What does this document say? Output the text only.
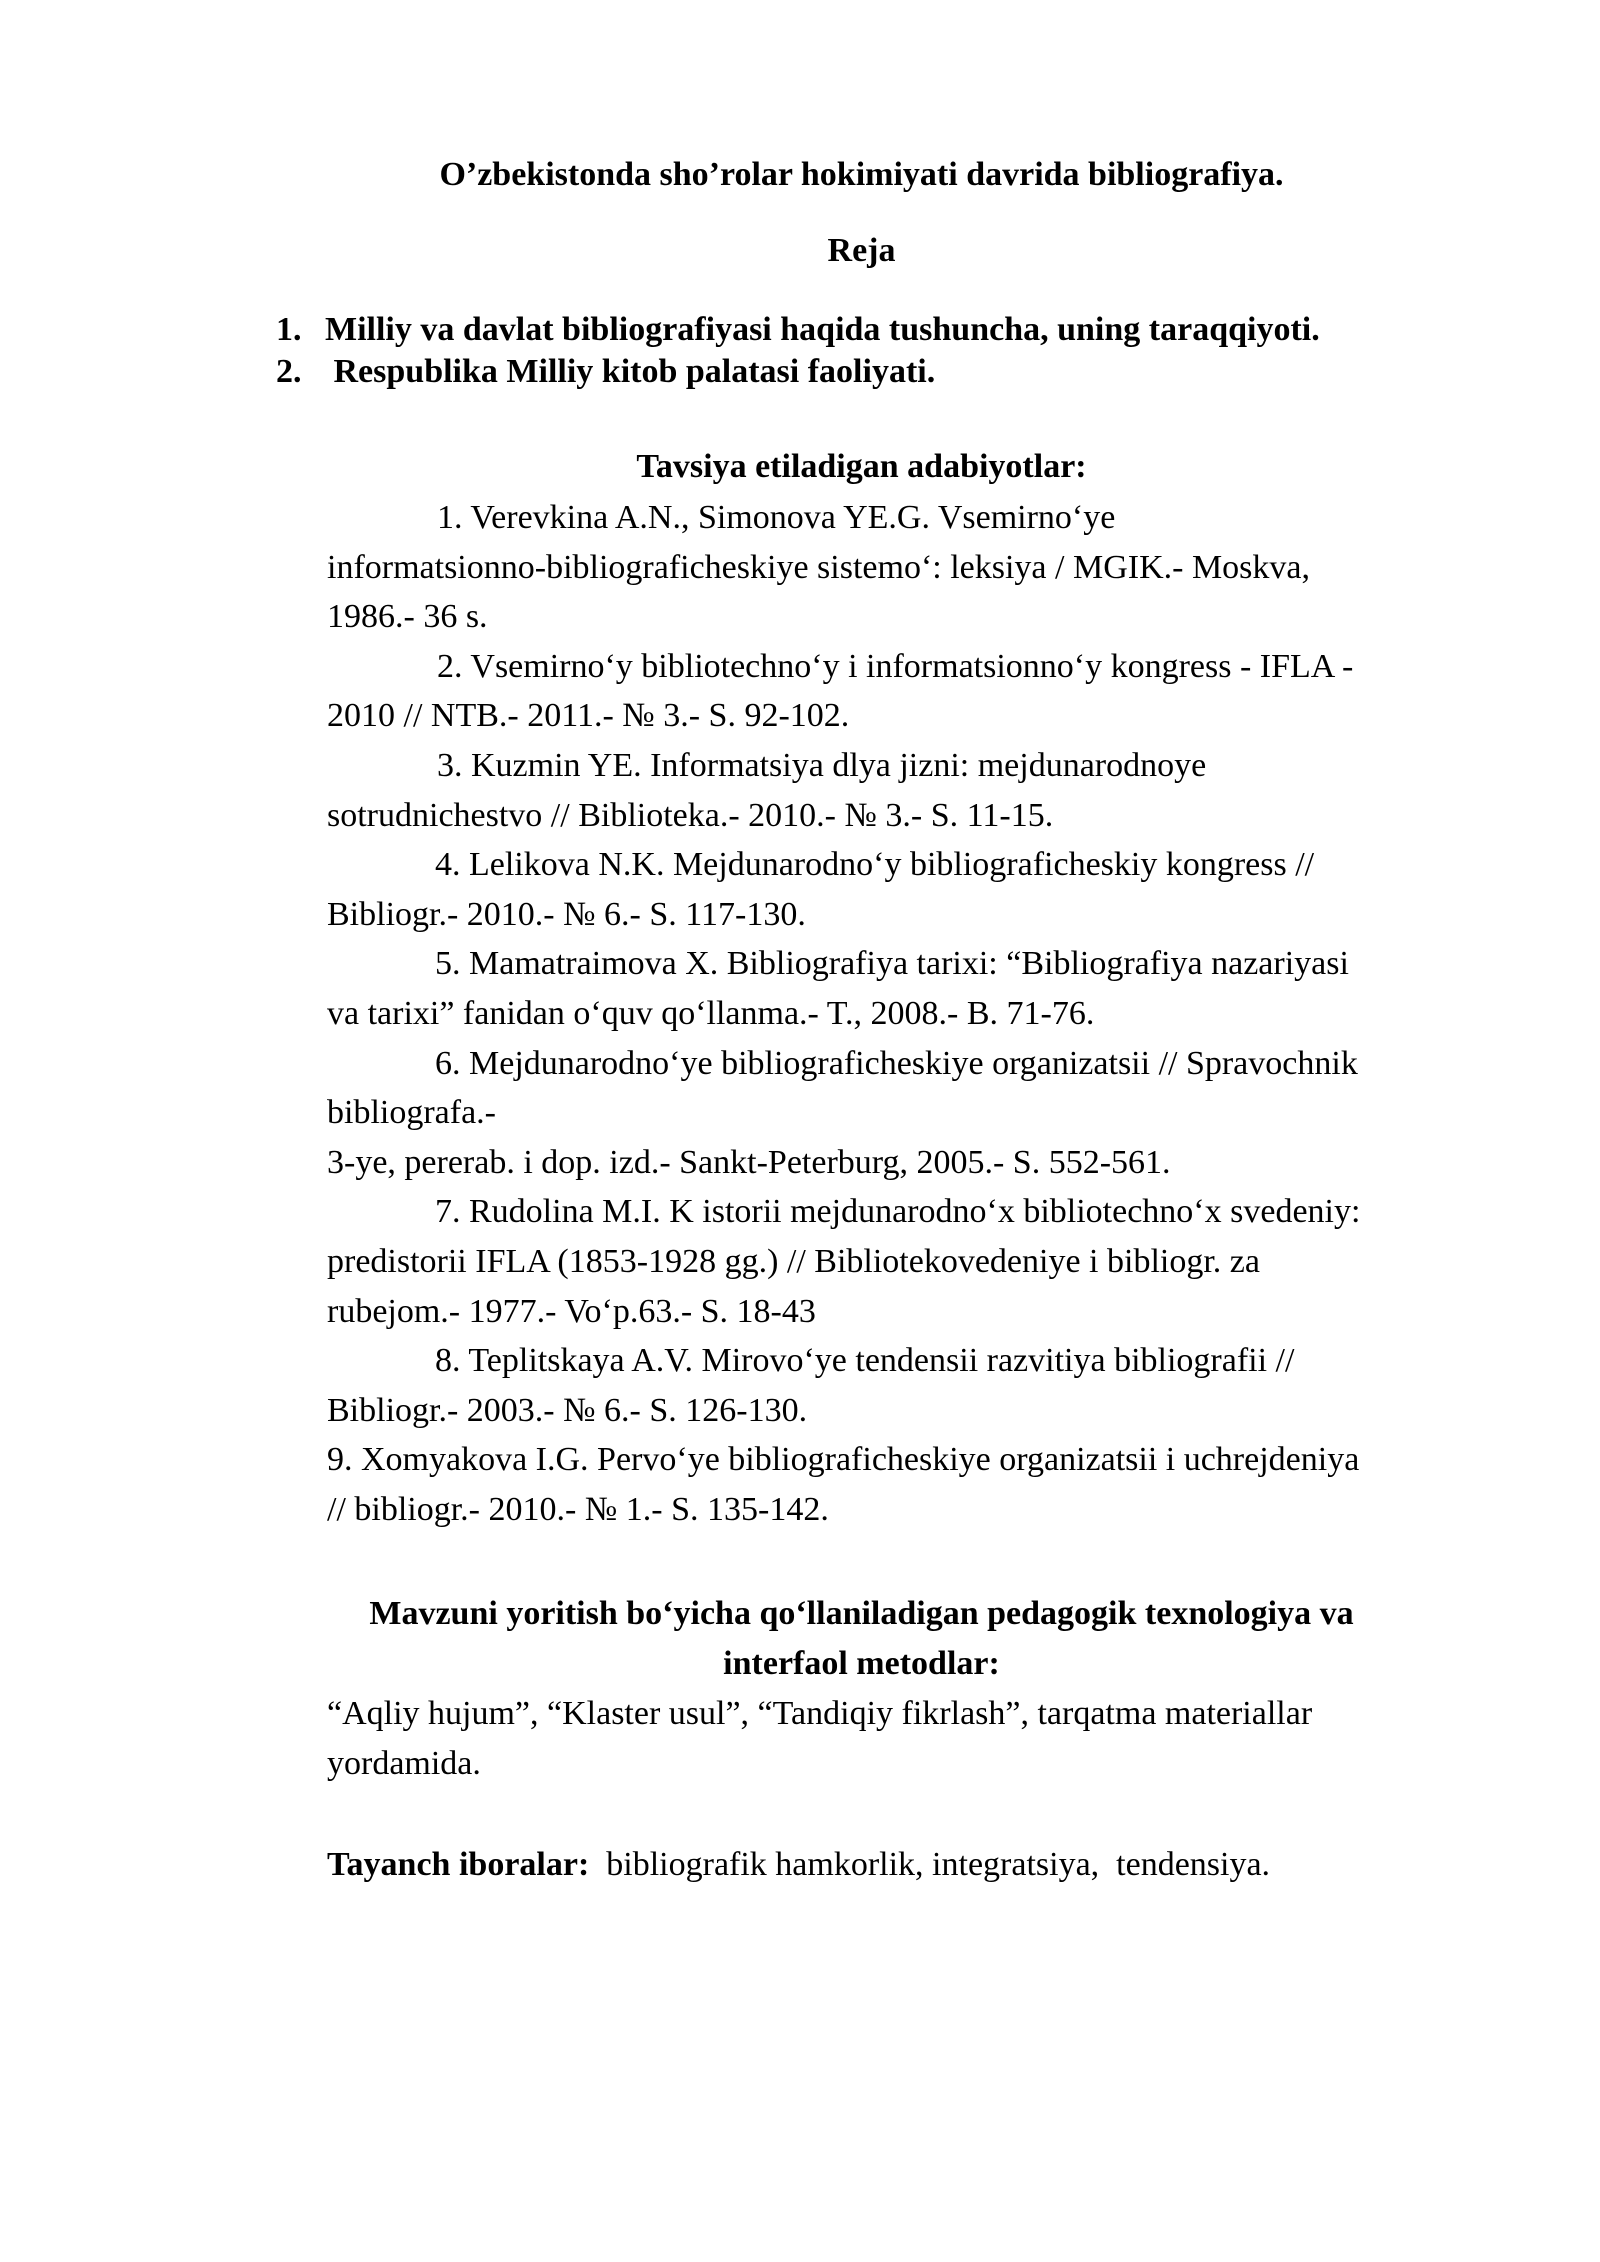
O’zbekistonda sho’rolar hokimiyati davrida bibliografiya.
Reja
1. Milliy va davlat bibliografiyasi haqida tushuncha, uning taraqqiyoti.
2. Respublika Milliy kitob palatasi faoliyati.
Tavsiya etiladigan adabiyotlar:
1. Verevkina A.N., Simonova YE.G. Vsemirno‘ye
informatsionno-bibliograficheskiye sistemo‘: leksiya / MGIK.- Moskva,
1986.- 36 s.
2. Vsemirno‘y bibliotechno‘y i informatsionno‘y kongress - IFLA -
2010 // NTB.- 2011.- № 3.- S. 92-102.
3. Kuzmin YE. Informatsiya dlya jizni: mejdunarodnoye
sotrudnichestvo // Biblioteka.- 2010.- № 3.- S. 11-15.
4. Lelikova N.K. Mejdunarodno‘y bibliograficheskiy kongress //
Bibliogr.- 2010.- № 6.- S. 117-130.
5. Mamatraimova X. Bibliografiya tarixi: “Bibliografiya nazariyasi
va tarixi” fanidan o‘quv qo‘llanma.- T., 2008.- B. 71-76.
6. Mejdunarodno‘ye bibliograficheskiye organizatsii // Spravochnik
bibliografa.-
3-ye, pererab. i dop. izd.- Sankt-Peterburg, 2005.- S. 552-561.
7. Rudolina M.I. K istorii mejdunarodno‘x bibliotechno‘x svedeniy:
predistorii IFLA (1853-1928 gg.) // Bibliotekovedeniye i bibliogr. za
rubejom.- 1977.- Vo‘p.63.- S. 18-43
8. Teplitskaya A.V. Mirovo‘ye tendensii razvitiya bibliografii //
Bibliogr.- 2003.- № 6.- S. 126-130.
9. Xomyakova I.G. Pervo‘ye bibliograficheskiye organizatsii i uchrejdeniya
// bibliogr.- 2010.- № 1.- S. 135-142.
Mavzuni yoritish bo‘yicha qo‘llaniladigan pedagogik texnologiya va
interfaol metodlar:

“Aqliy hujum”, “Klaster usul”, “Tandiqiy fikrlash”, tarqatma materiallar
yordamida.

Tayanch iboralar:  bibliografik hamkorlik, integratsiya,  tendensiya.
